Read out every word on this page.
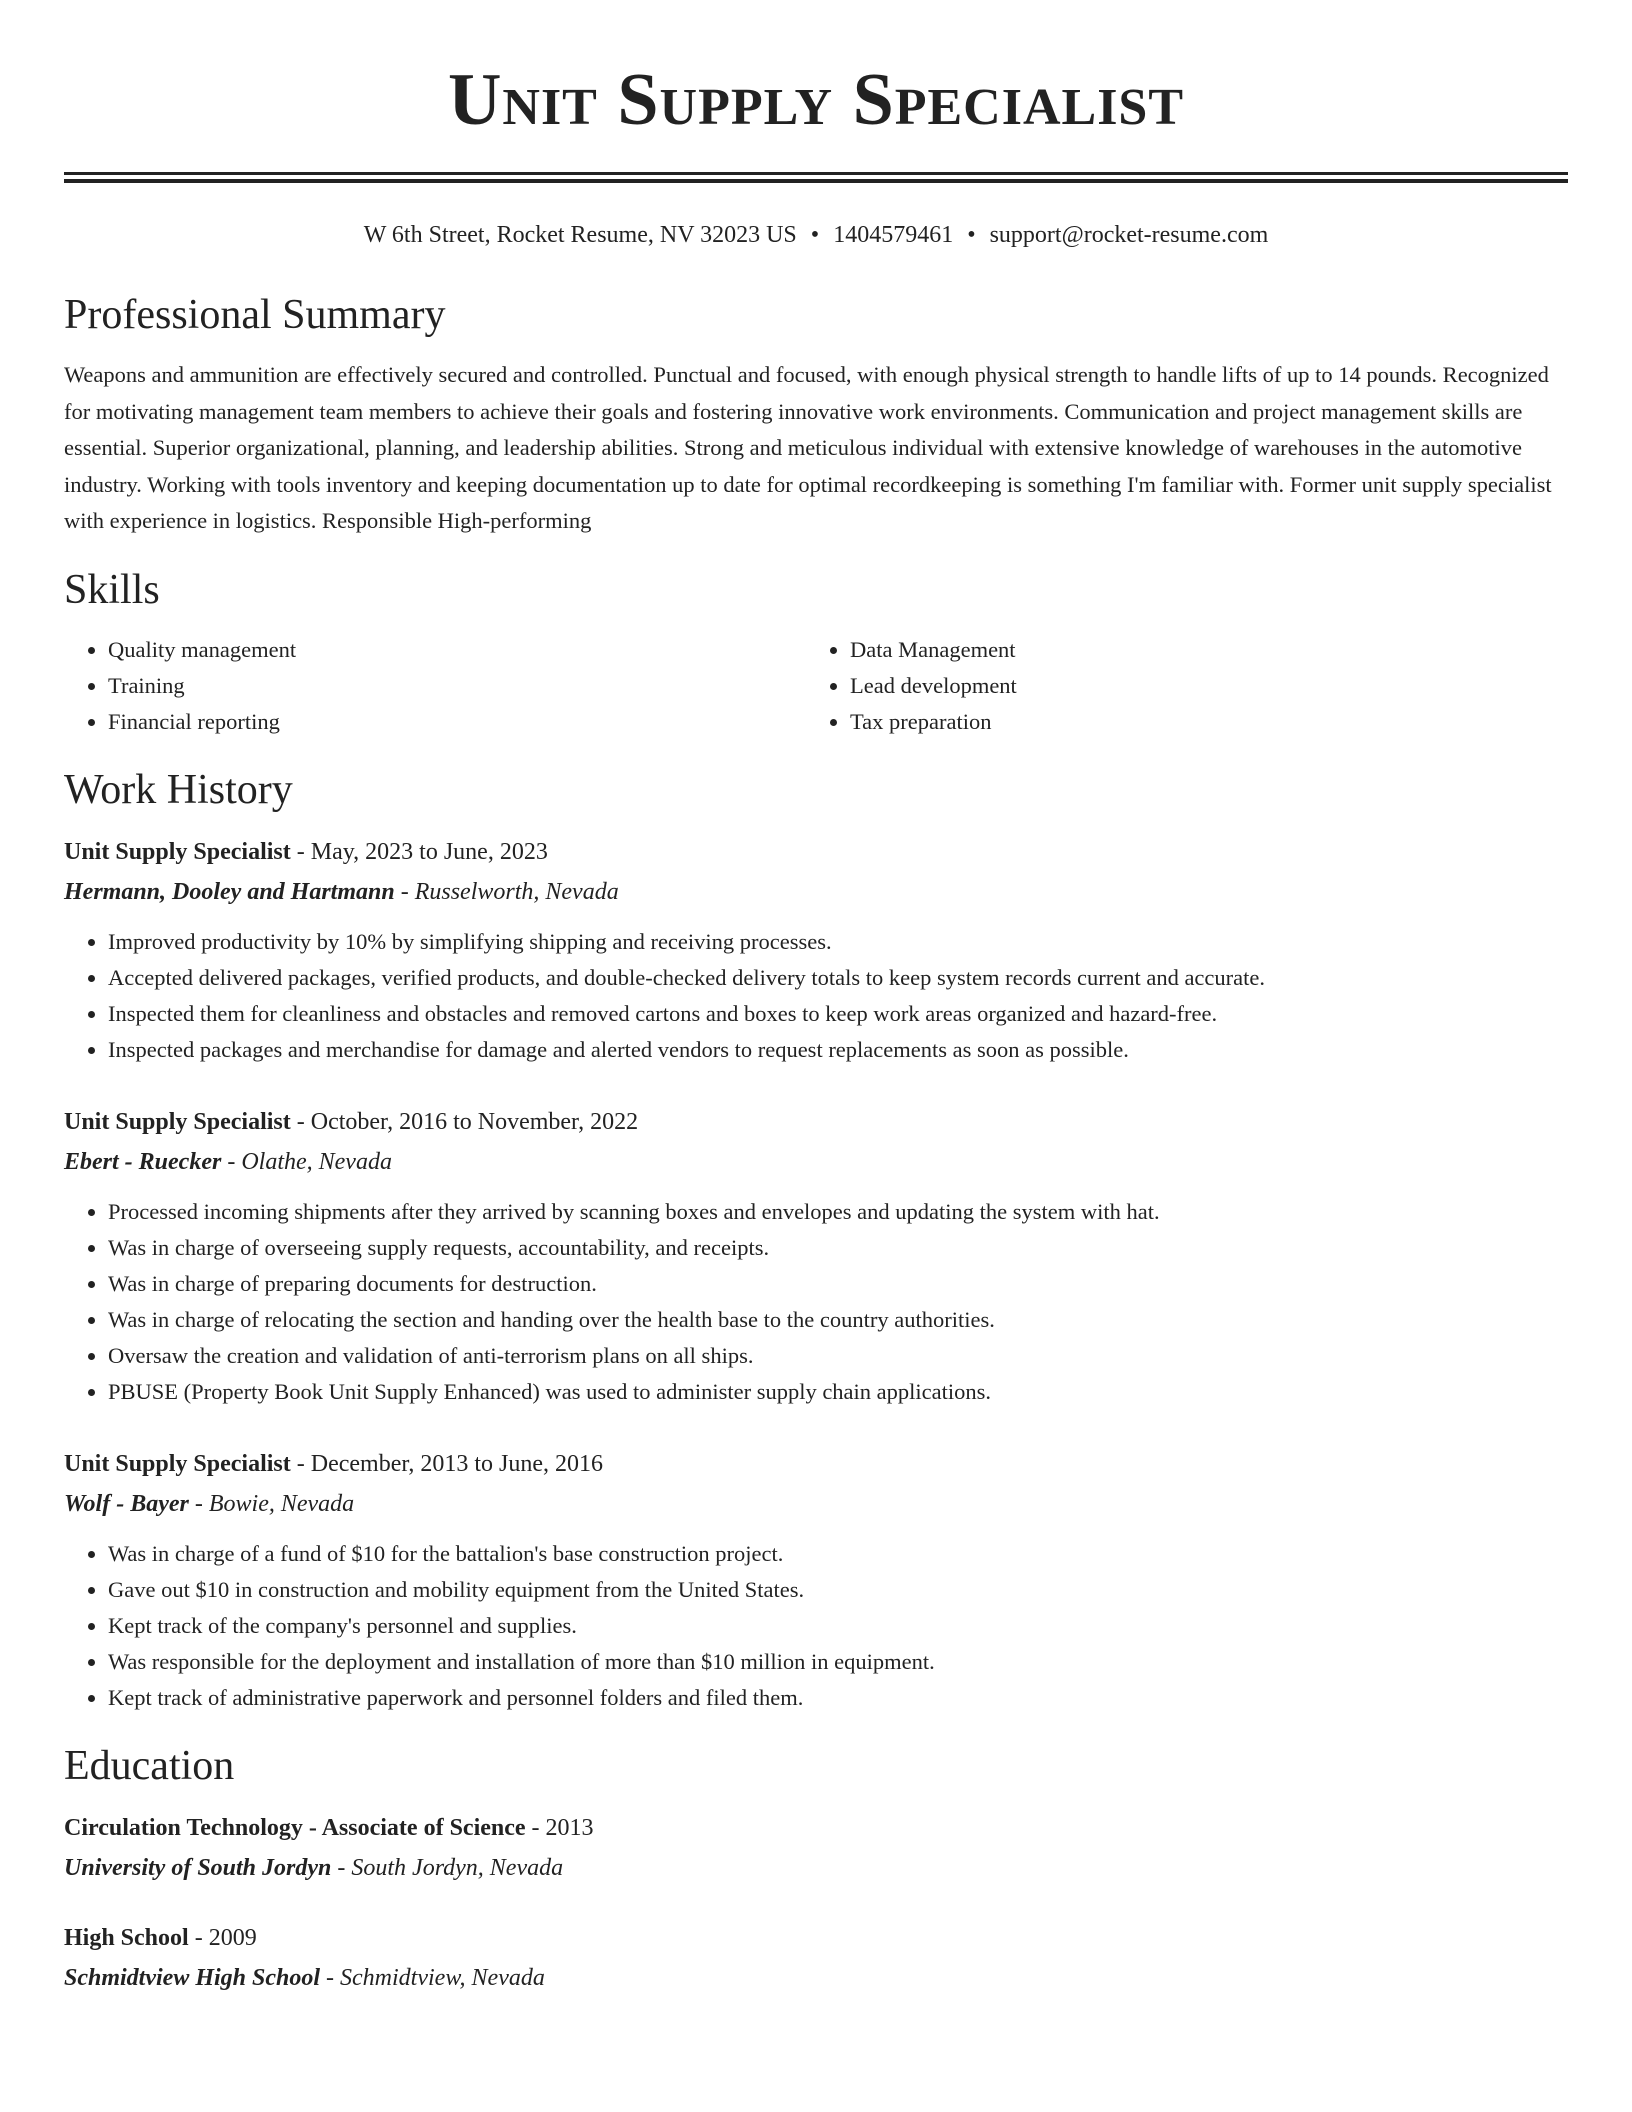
Unit Supply Specialist
W 6th Street, Rocket Resume, NV 32023 US • 1404579461 • support@rocket-resume.com
Professional Summary

Weapons and ammunition are effectively secured and controlled. Punctual and focused, with enough physical strength to handle lifts of up to 14 pounds. Recognized for motivating management team members to achieve their goals and fostering innovative work environments. Communication and project management skills are essential. Superior organizational, planning, and leadership abilities. Strong and meticulous individual with extensive knowledge of warehouses in the automotive industry. Working with tools inventory and keeping documentation up to date for optimal recordkeeping is something I'm familiar with. Former unit supply specialist with experience in logistics. Responsible High-performing

Skills
• Quality management
• Training
• Financial reporting
• Data Management
• Lead development
• Tax preparation
Work History
Unit Supply Specialist - May, 2023 to June, 2023
Hermann, Dooley and Hartmann - Russelworth, Nevada
• Improved productivity by 10% by simplifying shipping and receiving processes.
• Accepted delivered packages, verified products, and double-checked delivery totals to keep system records current and accurate.
• Inspected them for cleanliness and obstacles and removed cartons and boxes to keep work areas organized and hazard-free.
• Inspected packages and merchandise for damage and alerted vendors to request replacements as soon as possible.
Unit Supply Specialist - October, 2016 to November, 2022
Ebert - Ruecker - Olathe, Nevada
• Processed incoming shipments after they arrived by scanning boxes and envelopes and updating the system with hat.
• Was in charge of overseeing supply requests, accountability, and receipts.
• Was in charge of preparing documents for destruction.
• Was in charge of relocating the section and handing over the health base to the country authorities.
• Oversaw the creation and validation of anti-terrorism plans on all ships.
• PBUSE (Property Book Unit Supply Enhanced) was used to administer supply chain applications.
Unit Supply Specialist - December, 2013 to June, 2016
Wolf - Bayer - Bowie, Nevada
• Was in charge of a fund of $10 for the battalion's base construction project.
• Gave out $10 in construction and mobility equipment from the United States.
• Kept track of the company's personnel and supplies.
• Was responsible for the deployment and installation of more than $10 million in equipment.
• Kept track of administrative paperwork and personnel folders and filed them.
Education
Circulation Technology - Associate of Science - 2013
University of South Jordyn - South Jordyn, Nevada
High School - 2009
Schmidtview High School - Schmidtview, Nevada
